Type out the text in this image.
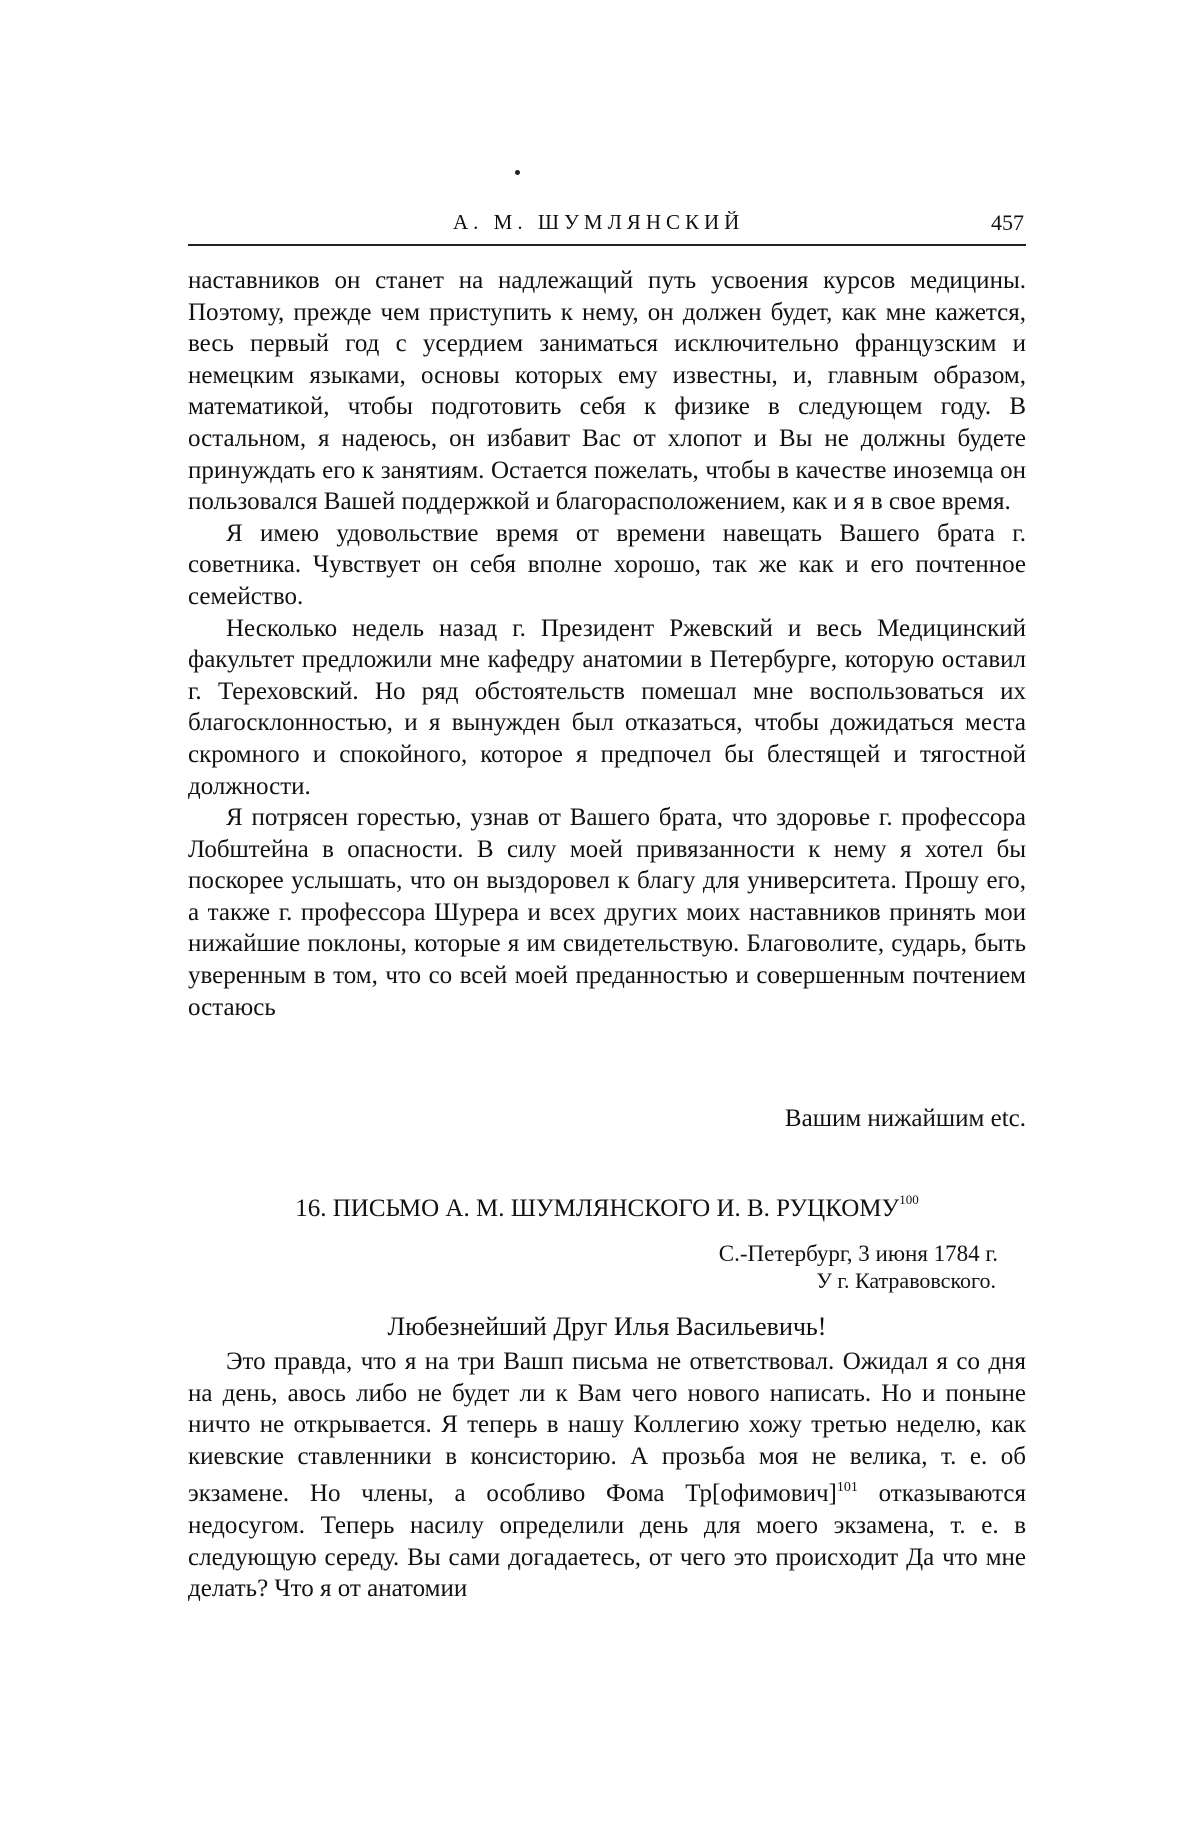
А. М. ШУМЛЯНСКИЙ	457

наставников он станет на надлежащий путь усвоения курсов медицины. Поэтому, прежде чем приступить к нему, он должен будет, как мне кажется, весь первый год с усердием заниматься исключительно французским и немецким языками, основы которых ему известны, и, главным образом, математикой, чтобы подготовить себя к физике в следующем году. В остальном, я надеюсь, он избавит Вас от хлопот и Вы не должны будете принуждать его к занятиям. Остается пожелать, чтобы в качестве иноземца он пользовался Вашей поддержкой и благорасположением, как и я в свое время.

Я имею удовольствие время от времени навещать Вашего брата г. советника. Чувствует он себя вполне хорошо, так же как и его почтенное семейство.

Несколько недель назад г. Президент Ржевский и весь Медицинский факультет предложили мне кафедру анатомии в Петербурге, которую оставил г. Тереховский. Но ряд обстоятельств помешал мне воспользоваться их благосклонностью, и я вынужден был отказаться, чтобы дожидаться места скромного и спокойного, которое я предпочел бы блестящей и тягостной должности.

Я потрясен горестью, узнав от Вашего брата, что здоровье г. профессора Лобштейна в опасности. В силу моей привязанности к нему я хотел бы поскорее услышать, что он выздоровел к благу для университета. Прошу его, а также г. профессора Шурера и всех других моих наставников принять мои нижайшие поклоны, которые я им свидетельствую. Благоволите, сударь, быть уверенным в том, что со всей моей преданностью и совершенным почтением остаюсь

Вашим нижайшим etc.
16. ПИСЬМО А. М. ШУМЛЯНСКОГО И. В. РУЦКОМУ$^{100}$
С.-Петербург, 3 июня 1784 г.
У г. Катравовского.
Любезнейший Друг Илья Васильевичь!

Это правда, что я на три Вашп письма не ответствовал. Ожидал я со дня на день, авось либо не будет ли к Вам чего нового написать. Но и поныне ничто не открывается. Я теперь в нашу Коллегию хожу третью неделю, как киевские ставленники в консисторию. А прозьба моя не велика, т. е. об экзамене. Но члены, а особливо Фома Тр[офимович]$^{101}$ отказываются недосугом. Теперь насилу определили день для моего экзамена, т. е. в следующую середу. Вы сами догадаетесь, от чего это происходит Да что мне делать? Что я от анатомии
